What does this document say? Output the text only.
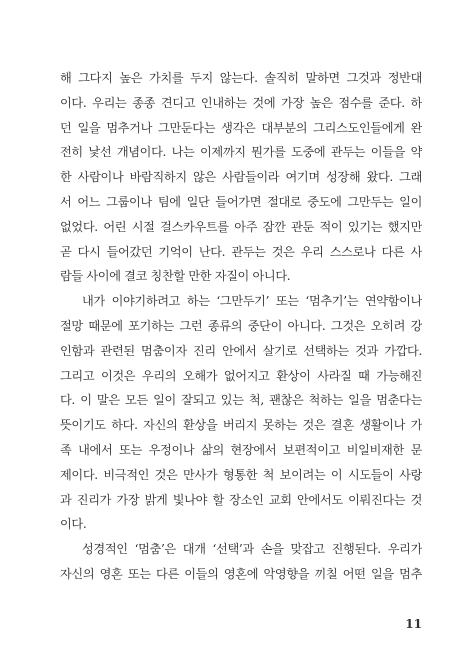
해 그다지 높은 가치를 두지 않는다. 솔직히 말하면 그것과 정반대
이다. 우리는 종종 견디고 인내하는 것에 가장 높은 점수를 준다. 하
던 일을 멈추거나 그만둔다는 생각은 대부분의 그리스도인들에게 완
전히 낯선 개념이다. 나는 이제까지 뭔가를 도중에 관두는 이들을 약
한 사람이나 바람직하지 않은 사람들이라 여기며 성장해 왔다. 그래
서 어느 그룹이나 팀에 일단 들어가면 절대로 중도에 그만두는 일이
없었다. 어린 시절 걸스카우트를 아주 잠깐 관둔 적이 있기는 했지만
곧 다시 들어갔던 기억이 난다. 관두는 것은 우리 스스로나 다른 사
람들 사이에 결코 칭찬할 만한 자질이 아니다.
내가 이야기하려고 하는 ‘그만두기’ 또는 ‘멈추기’는 연약함이나
절망 때문에 포기하는 그런 종류의 중단이 아니다. 그것은 오히려 강
인함과 관련된 멈춤이자 진리 안에서 살기로 선택하는 것과 가깝다.
그리고 이것은 우리의 오해가 없어지고 환상이 사라질 때 가능해진
다. 이 말은 모든 일이 잘되고 있는 척, 괜찮은 척하는 일을 멈춘다는
뜻이기도 하다. 자신의 환상을 버리지 못하는 것은 결혼 생활이나 가
족 내에서 또는 우정이나 삶의 현장에서 보편적이고 비일비재한 문
제이다. 비극적인 것은 만사가 형통한 척 보이려는 이 시도들이 사랑
과 진리가 가장 밝게 빛나야 할 장소인 교회 안에서도 이뤄진다는 것
이다.
성경적인 ‘멈춤’은 대개 ‘선택’과 손을 맞잡고 진행된다. 우리가
자신의 영혼 또는 다른 이들의 영혼에 악영향을 끼칠 어떤 일을 멈추
11
